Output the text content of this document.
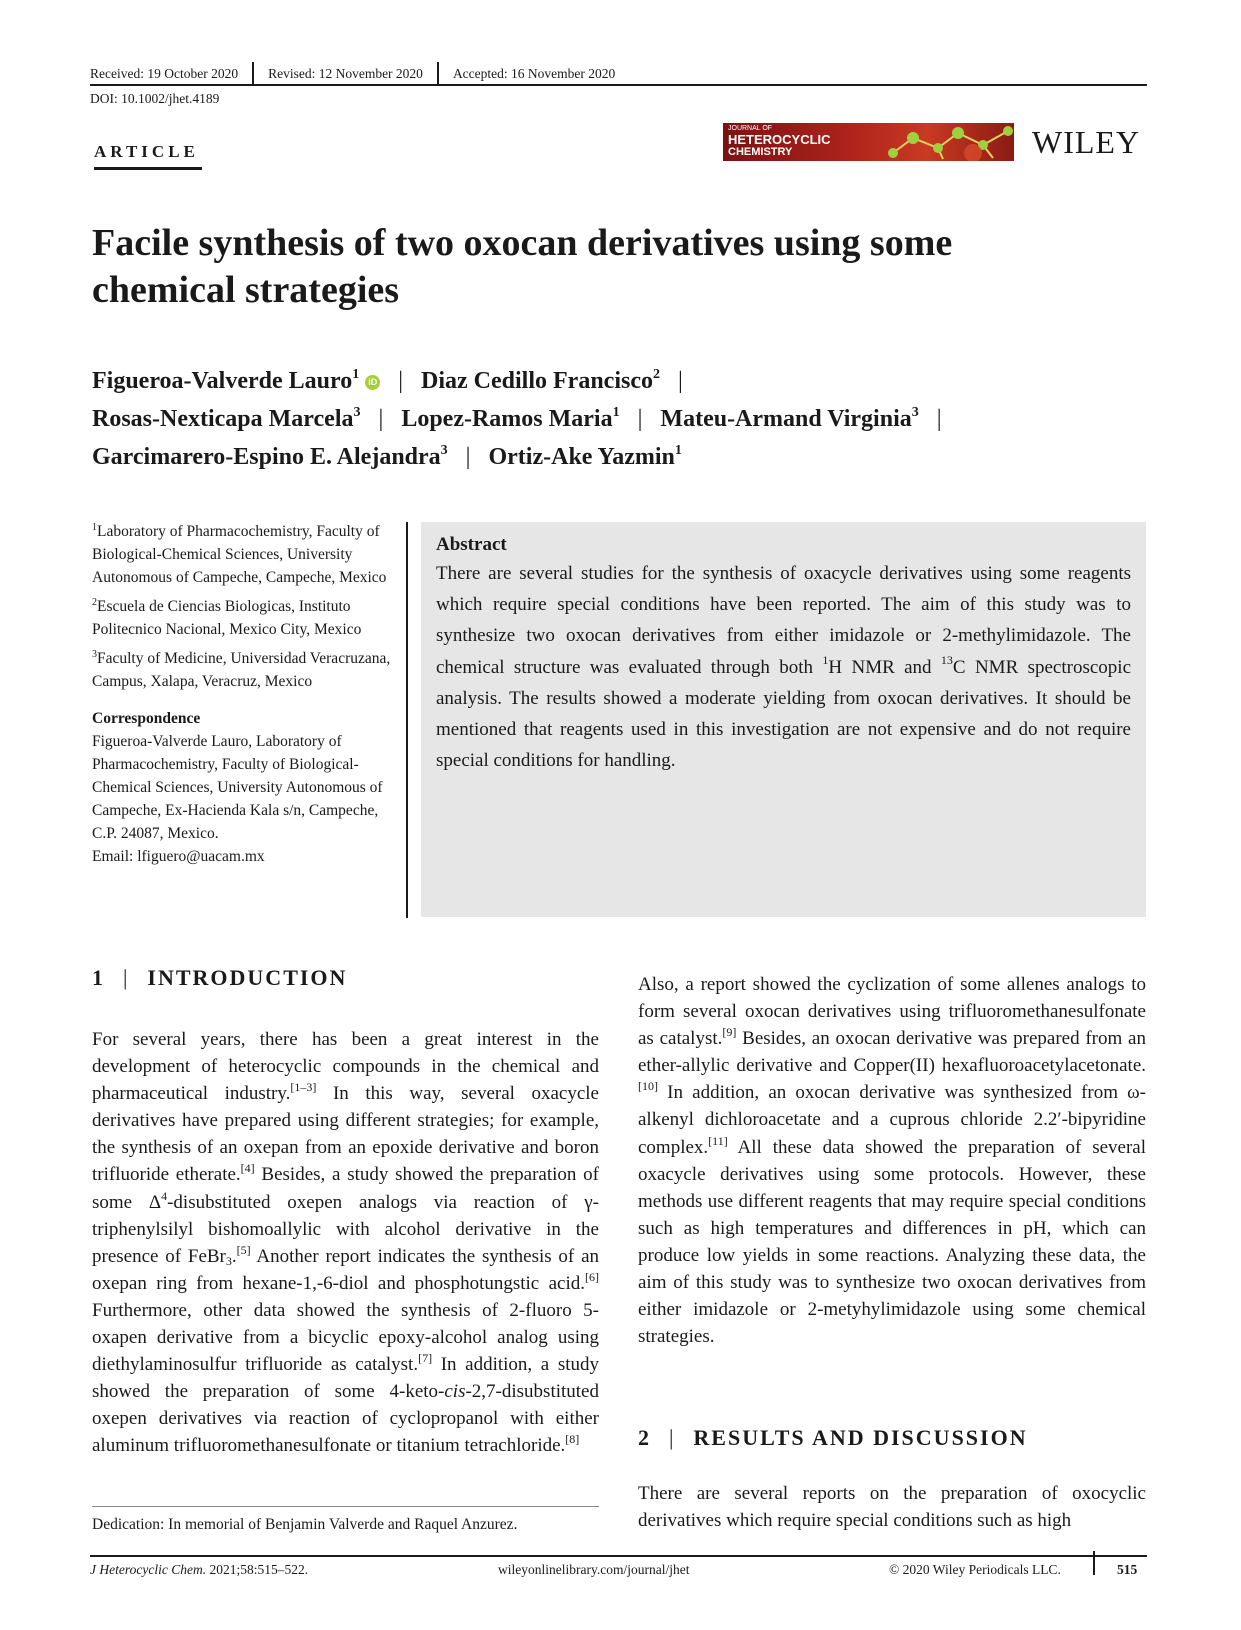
Received: 19 October 2020 Revised: 12 November 2020 Accepted: 16 November 2020
DOI: 10.1002/jhet.4189
ARTICLE
JOURNAL OF
HETEROCYCLIC
CHEMISTRY	WILEY
Facile synthesis of two oxocan derivatives using some chemical strategies
Figueroa-Valverde Lauro$^1$ iD | Diaz Cedillo Francisco$^2$ |
Rosas-Nexticapa Marcela$^3$ | Lopez-Ramos Maria$^1$ | Mateu-Armand Virginia$^3$ |
Garcimarero-Espino E. Alejandra$^3$ | Ortiz-Ake Yazmin$^1$

$^1$Laboratory of Pharmacochemistry, Faculty of Biological-Chemical Sciences, University Autonomous of Campeche, Campeche, Mexico

$^2$Escuela de Ciencias Biologicas, Instituto Politecnico Nacional, Mexico City, Mexico

$^3$Faculty of Medicine, Universidad Veracruzana, Campus, Xalapa, Veracruz, Mexico

Correspondence
Figueroa-Valverde Lauro, Laboratory of Pharmacochemistry, Faculty of Biological-Chemical Sciences, University Autonomous of Campeche, Ex-Hacienda Kala s/n, Campeche, C.P. 24087, Mexico.
Email: lfiguero@uacam.mx
Abstract
There are several studies for the synthesis of oxacycle derivatives using some reagents which require special conditions have been reported. The aim of this study was to synthesize two oxocan derivatives from either imidazole or 2-methylimidazole. The chemical structure was evaluated through both $^1$H NMR and $^{13}$C NMR spectroscopic analysis. The results showed a moderate yielding from oxocan derivatives. It should be mentioned that reagents used in this investigation are not expensive and do not require special conditions for handling.
1 | INTRODUCTION

For several years, there has been a great interest in the development of heterocyclic compounds in the chemical and pharmaceutical industry.[1–3] In this way, several oxacycle derivatives have prepared using different strategies; for example, the synthesis of an oxepan from an epoxide derivative and boron trifluoride etherate.[4] Besides, a study showed the preparation of some $\Delta^4$-disubstituted oxepen analogs via reaction of γ-triphenylsilyl bishomoallylic with alcohol derivative in the presence of FeBr$_3$.[5] Another report indicates the synthesis of an oxepan ring from hexane-1,-6-diol and phosphotungstic acid.[6] Furthermore, other data showed the synthesis of 2-fluoro 5-oxapen derivative from a bicyclic epoxy-alcohol analog using diethylaminosulfur trifluoride as catalyst.[7] In addition, a study showed the preparation of some 4-keto-cis-2,7-disubstituted oxepen derivatives via reaction of cyclopropanol with either aluminum trifluoromethanesulfonate or titanium tetrachloride.[8]

Also, a report showed the cyclization of some allenes analogs to form several oxocan derivatives using trifluoromethanesulfonate as catalyst.[9] Besides, an oxocan derivative was prepared from an ether-allylic derivative and Copper(II) hexafluoroacetylacetonate.[10] In addition, an oxocan derivative was synthesized from ω-alkenyl dichloroacetate and a cuprous chloride 2.2′-bipyridine complex.[11] All these data showed the preparation of several oxacycle derivatives using some protocols. However, these methods use different reagents that may require special conditions such as high temperatures and differences in pH, which can produce low yields in some reactions. Analyzing these data, the aim of this study was to synthesize two oxocan derivatives from either imidazole or 2-metyhylimidazole using some chemical strategies.

2 | RESULTS AND DISCUSSION
There are several reports on the preparation of oxocyclic derivatives which require special conditions such as high
Dedication: In memorial of Benjamin Valverde and Raquel Anzurez.
J Heterocyclic Chem. 2021;58:515–522.	wileyonlinelibrary.com/journal/jhet	© 2020 Wiley Periodicals LLC.	515
